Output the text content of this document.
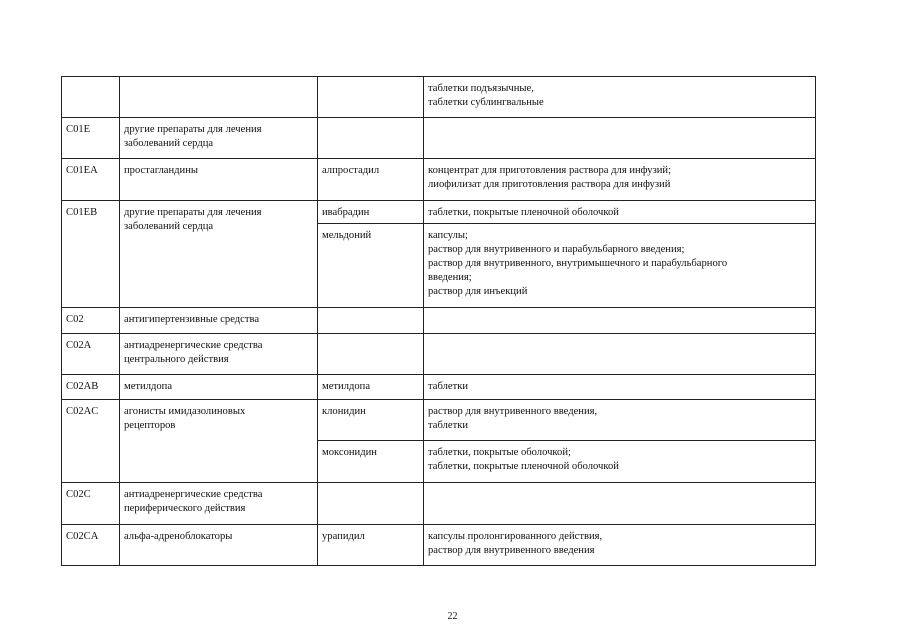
			таблетки подъязычные,
таблетки сублингвальные

C01E	другие препараты для лечения
заболеваний сердца		

C01EA	простагландины	алпростадил	концентрат для приготовления раствора для инфузий;
лиофилизат для приготовления раствора для инфузий

C01EB	другие препараты для лечения
заболеваний сердца	ивабрадин	таблетки, покрытые пленочной оболочкой

		мельдоний	капсулы;
раствор для внутривенного и парабульбарного введения;
раствор для внутривенного, внутримышечного и парабульбарного
введения;
раствор для инъекций

C02	антигипертензивные средства		

C02A	антиадренергические средства
центрального действия		

C02AB	метилдопа	метилдопа	таблетки

C02AC	агонисты имидазолиновых
рецепторов	клонидин	раствор для внутривенного введения,
таблетки

		моксонидин	таблетки, покрытые оболочкой;
таблетки, покрытые пленочной оболочкой

C02C	антиадренергические средства
периферического действия		

C02CA	альфа-адреноблокаторы	урапидил	капсулы пролонгированного действия,
раствор для внутривенного введения
22
